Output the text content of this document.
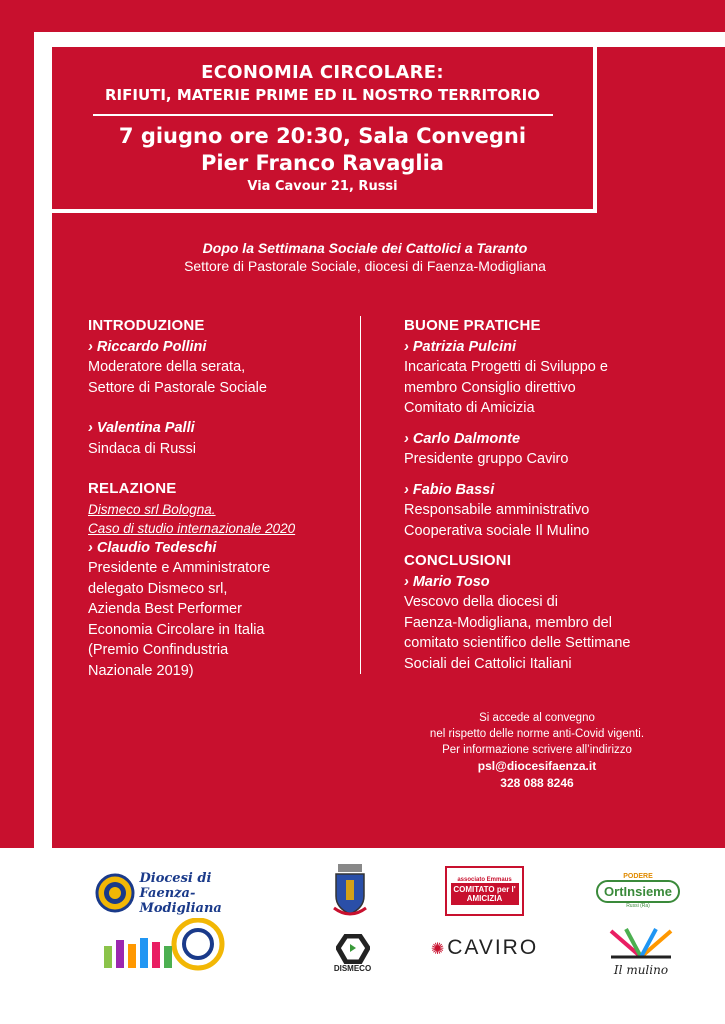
ECONOMIA CIRCOLARE:
RIFIUTI, MATERIE PRIME ED IL NOSTRO TERRITORIO
7 giugno ore 20:30, Sala Convegni
Pier Franco Ravaglia
Via Cavour 21, Russi
Dopo la Settimana Sociale dei Cattolici a Taranto
Settore di Pastorale Sociale, diocesi di Faenza-Modigliana
INTRODUZIONE
› Riccardo Pollini
Moderatore della serata,
Settore di Pastorale Sociale
› Valentina Palli
Sindaca di Russi
RELAZIONE
Dismeco srl Bologna.
Caso di studio internazionale 2020
› Claudio Tedeschi
Presidente e Amministratore
delegato Dismeco srl,
Azienda Best Performer
Economia Circolare in Italia
(Premio Confindustria
Nazionale 2019)
BUONE PRATICHE
› Patrizia Pulcini
Incaricata Progetti di Sviluppo e
membro Consiglio direttivo
Comitato di Amicizia
› Carlo Dalmonte
Presidente gruppo Caviro
› Fabio Bassi
Responsabile amministrativo
Cooperativa sociale Il Mulino
CONCLUSIONI
› Mario Toso
Vescovo della diocesi di
Faenza-Modigliana, membro del
comitato scientifico delle Settimane
Sociali dei Cattolici Italiani
Si accede al convegno
nel rispetto delle norme anti-Covid vigenti.
Per informazione scrivere all’indirizzo
psl@diocesifaenza.it
328 088 8246
Diocesi di Faenza-Modigliana
associato Emmaus
COMITATO per l' AMICIZIA
PODERE
OrtInsieme
Russi (Ra)
DISMECO
✺ CAVIRO
Il mulino
